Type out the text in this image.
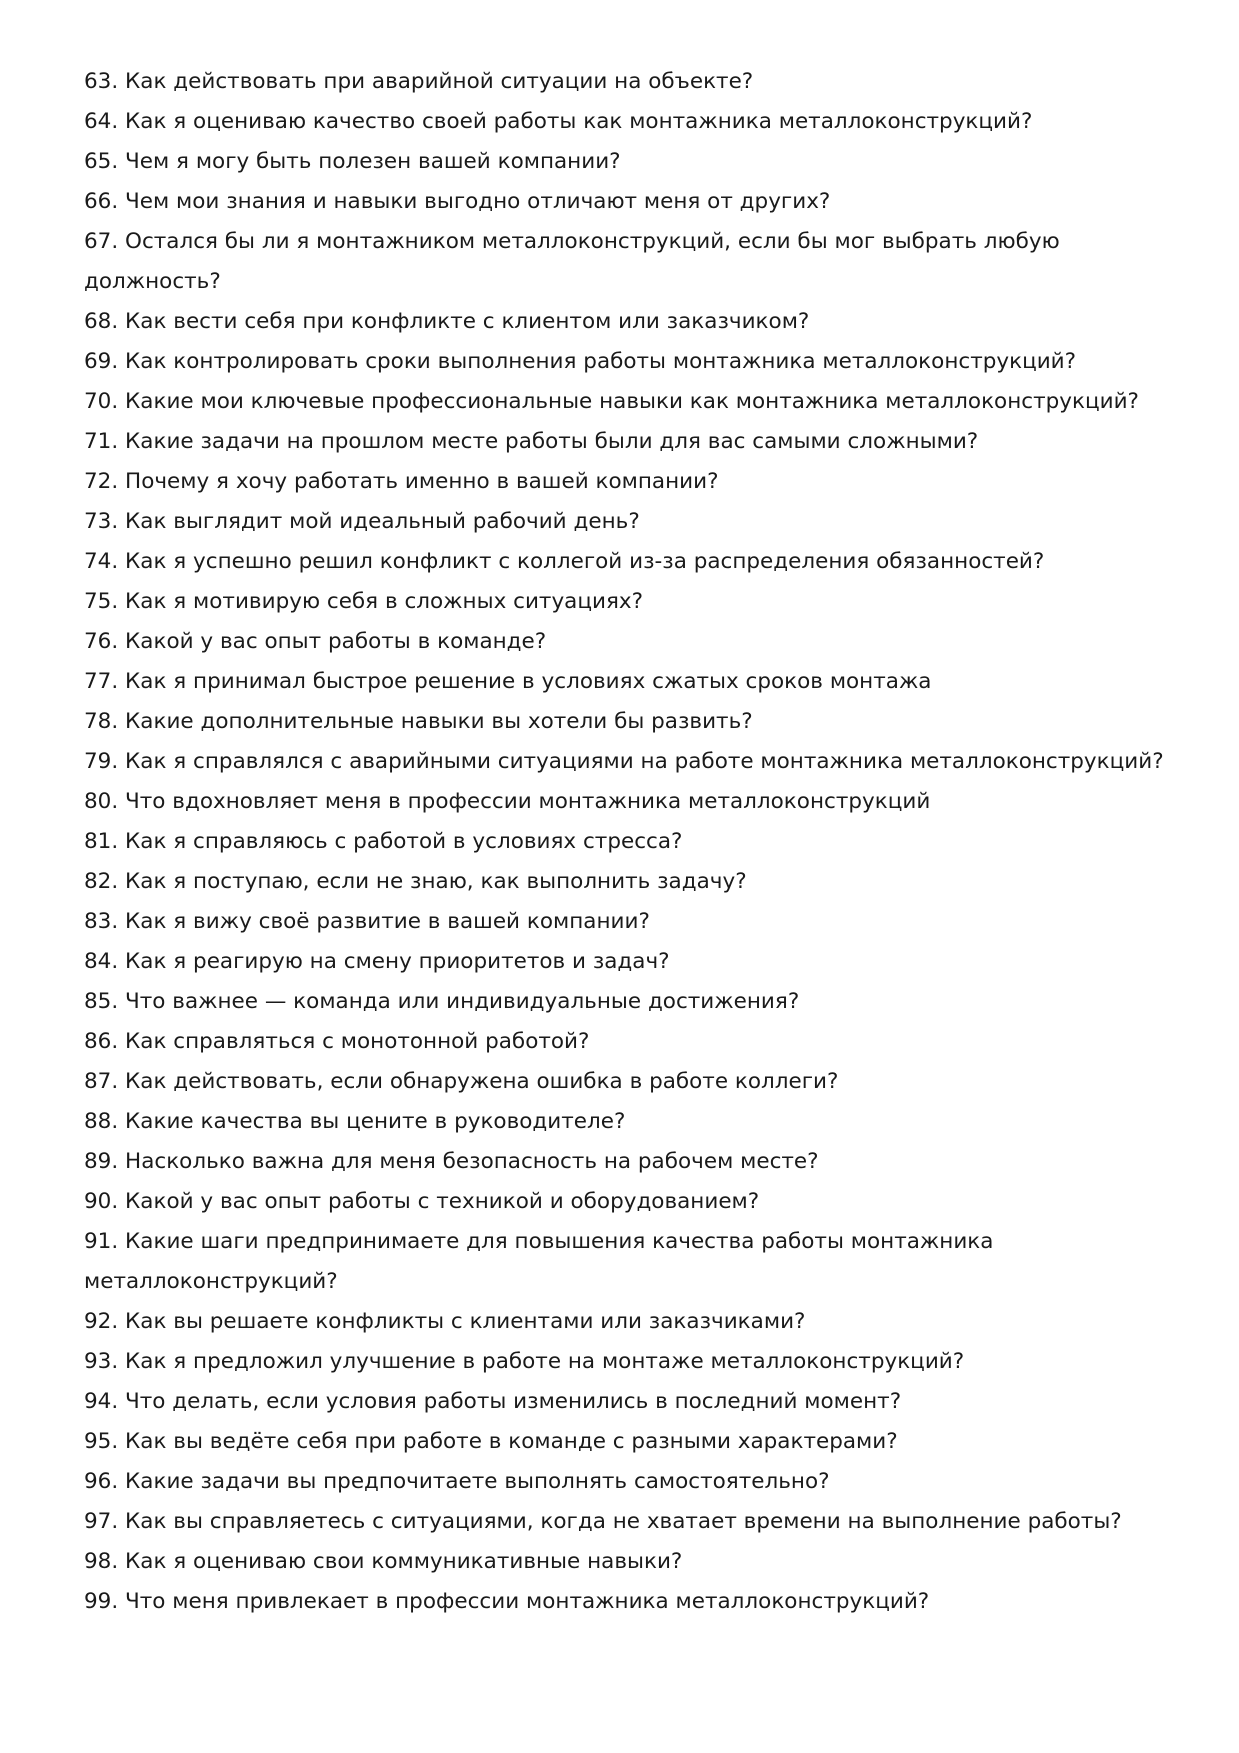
63. Как действовать при аварийной ситуации на объекте?
64. Как я оцениваю качество своей работы как монтажника металлоконструкций?
65. Чем я могу быть полезен вашей компании?
66. Чем мои знания и навыки выгодно отличают меня от других?
67. Остался бы ли я монтажником металлоконструкций, если бы мог выбрать любую должность?
68. Как вести себя при конфликте с клиентом или заказчиком?
69. Как контролировать сроки выполнения работы монтажника металлоконструкций?
70. Какие мои ключевые профессиональные навыки как монтажника металлоконструкций?
71. Какие задачи на прошлом месте работы были для вас самыми сложными?
72. Почему я хочу работать именно в вашей компании?
73. Как выглядит мой идеальный рабочий день?
74. Как я успешно решил конфликт с коллегой из-за распределения обязанностей?
75. Как я мотивирую себя в сложных ситуациях?
76. Какой у вас опыт работы в команде?
77. Как я принимал быстрое решение в условиях сжатых сроков монтажа
78. Какие дополнительные навыки вы хотели бы развить?
79. Как я справлялся с аварийными ситуациями на работе монтажника металлоконструкций?
80. Что вдохновляет меня в профессии монтажника металлоконструкций
81. Как я справляюсь с работой в условиях стресса?
82. Как я поступаю, если не знаю, как выполнить задачу?
83. Как я вижу своё развитие в вашей компании?
84. Как я реагирую на смену приоритетов и задач?
85. Что важнее — команда или индивидуальные достижения?
86. Как справляться с монотонной работой?
87. Как действовать, если обнаружена ошибка в работе коллеги?
88. Какие качества вы цените в руководителе?
89. Насколько важна для меня безопасность на рабочем месте?
90. Какой у вас опыт работы с техникой и оборудованием?
91. Какие шаги предпринимаете для повышения качества работы монтажника металлоконструкций?
92. Как вы решаете конфликты с клиентами или заказчиками?
93. Как я предложил улучшение в работе на монтаже металлоконструкций?
94. Что делать, если условия работы изменились в последний момент?
95. Как вы ведёте себя при работе в команде с разными характерами?
96. Какие задачи вы предпочитаете выполнять самостоятельно?
97. Как вы справляетесь с ситуациями, когда не хватает времени на выполнение работы?
98. Как я оцениваю свои коммуникативные навыки?
99. Что меня привлекает в профессии монтажника металлоконструкций?
